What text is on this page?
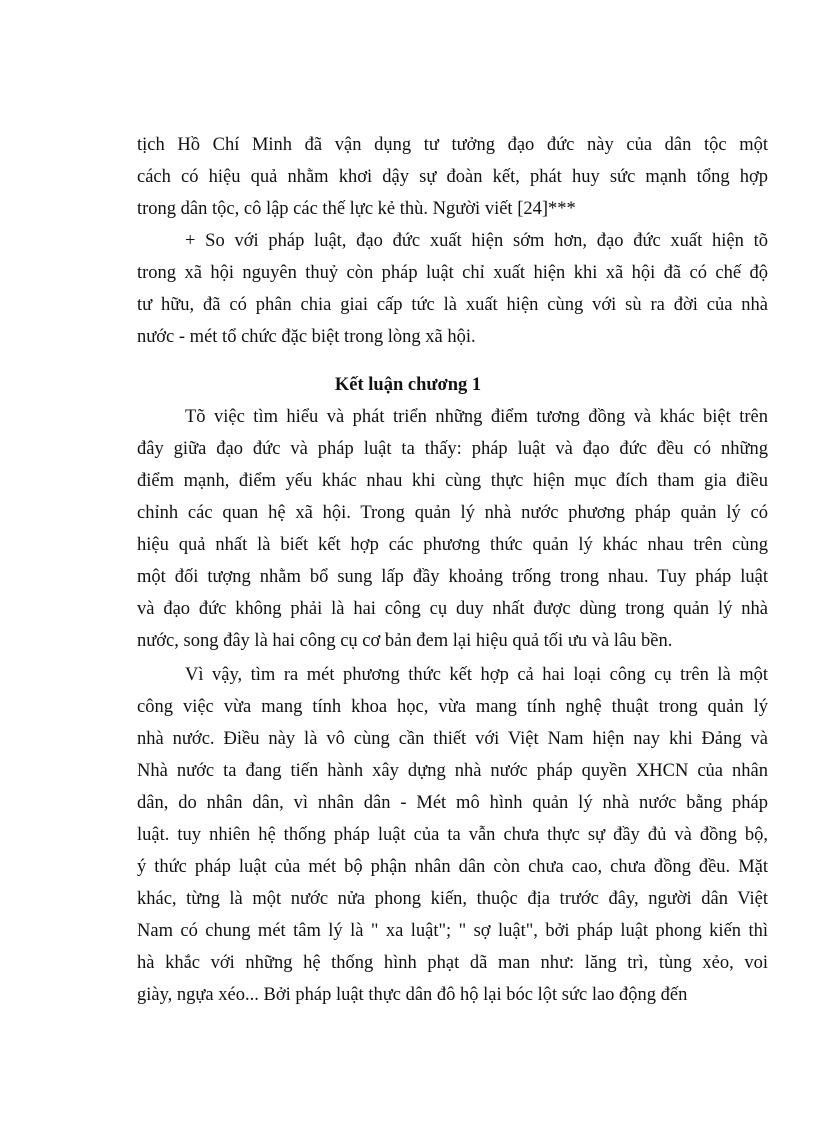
tịch Hồ Chí Minh đã vận dụng tư tưởng đạo đức này của dân tộc một
cách có hiệu quả nhằm khơi dậy sự đoàn kết, phát huy sức mạnh tổng hợp
trong dân tộc, cô lập các thế lực kẻ thù. Người viết [24]***
+ So với pháp luật, đạo đức xuất hiện sớm hơn, đạo đức xuất hiện tõ
trong xã hội nguyên thuỷ còn pháp luật chỉ xuất hiện khi xã hội đã có chế độ
tư hữu, đã có phân chia giai cấp tức là xuất hiện cùng với sù ra đời của nhà
nước - mét tổ chức đặc biệt trong lòng xã hội.
Kết luận chương 1
Tõ việc tìm hiểu và phát triển những điểm tương đồng và khác biệt trên
đây giữa đạo đức và pháp luật ta thấy: pháp luật và đạo đức đều có những
điểm mạnh, điểm yếu khác nhau khi cùng thực hiện mục đích tham gia điều
chỉnh các quan hệ xã hội. Trong quản lý nhà nước phương pháp quản lý có
hiệu quả nhất là biết kết hợp các phương thức quản lý khác nhau trên cùng
một đối tượng nhằm bổ sung lấp đầy khoảng trống trong nhau. Tuy pháp luật
và đạo đức không phải là hai công cụ duy nhất được dùng trong quản lý nhà
nước, song đây là hai công cụ cơ bản đem lại hiệu quả tối ưu và lâu bền.
Vì vậy, tìm ra mét phương thức kết hợp cả hai loại công cụ trên là một
công việc vừa mang tính khoa học, vừa mang tính nghệ thuật trong quản lý
nhà nước. Điều này là vô cùng cần thiết với Việt Nam hiện nay khi Đảng và
Nhà nước ta đang tiến hành xây dựng nhà nước pháp quyền XHCN của nhân
dân, do nhân dân, vì nhân dân - Mét mô hình quản lý nhà nước bằng pháp
luật. tuy nhiên hệ thống pháp luật của ta vẫn chưa thực sự đầy đủ và đồng bộ,
ý thức pháp luật của mét bộ phận nhân dân còn chưa cao, chưa đồng đều. Mặt
khác, từng là một nước nửa phong kiến, thuộc địa trước đây, người dân Việt
Nam có chung mét tâm lý là " xa luật"; " sợ luật", bởi pháp luật phong kiến thì
hà khắc với những hệ thống hình phạt dã man như: lăng trì, tùng xẻo, voi
giày, ngựa xéo... Bởi pháp luật thực dân đô hộ lại bóc lột sức lao động đến
